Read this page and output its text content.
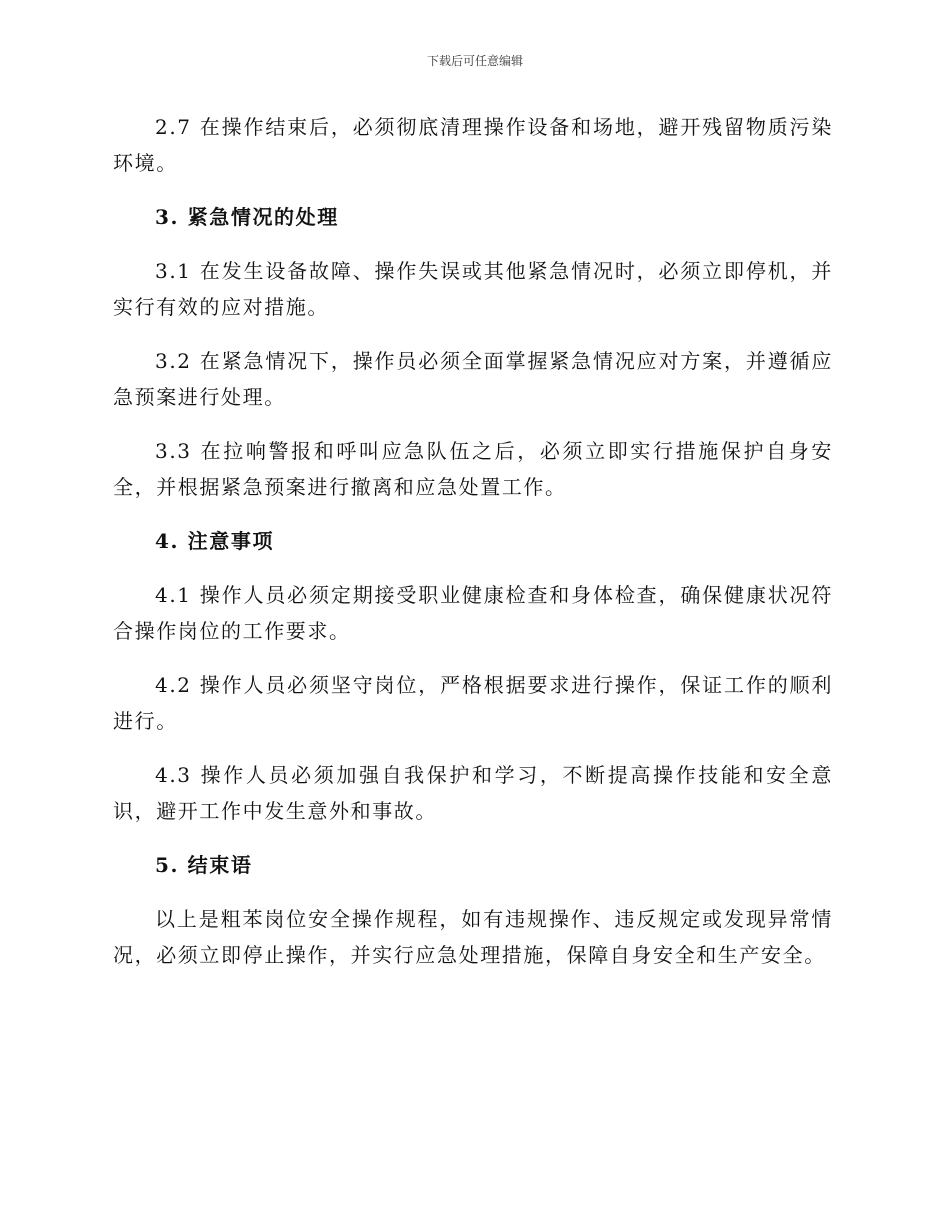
下载后可任意编辑

2.7 在操作结束后，必须彻底清理操作设备和场地，避开残留物质污染环境。

3. 紧急情况的处理

3.1 在发生设备故障、操作失误或其他紧急情况时，必须立即停机，并实行有效的应对措施。

3.2 在紧急情况下，操作员必须全面掌握紧急情况应对方案，并遵循应急预案进行处理。

3.3 在拉响警报和呼叫应急队伍之后，必须立即实行措施保护自身安全，并根据紧急预案进行撤离和应急处置工作。

4. 注意事项

4.1 操作人员必须定期接受职业健康检查和身体检查，确保健康状况符合操作岗位的工作要求。

4.2 操作人员必须坚守岗位，严格根据要求进行操作，保证工作的顺利进行。

4.3 操作人员必须加强自我保护和学习，不断提高操作技能和安全意识，避开工作中发生意外和事故。

5. 结束语

以上是粗苯岗位安全操作规程，如有违规操作、违反规定或发现异常情况，必须立即停止操作，并实行应急处理措施，保障自身安全和生产安全。
